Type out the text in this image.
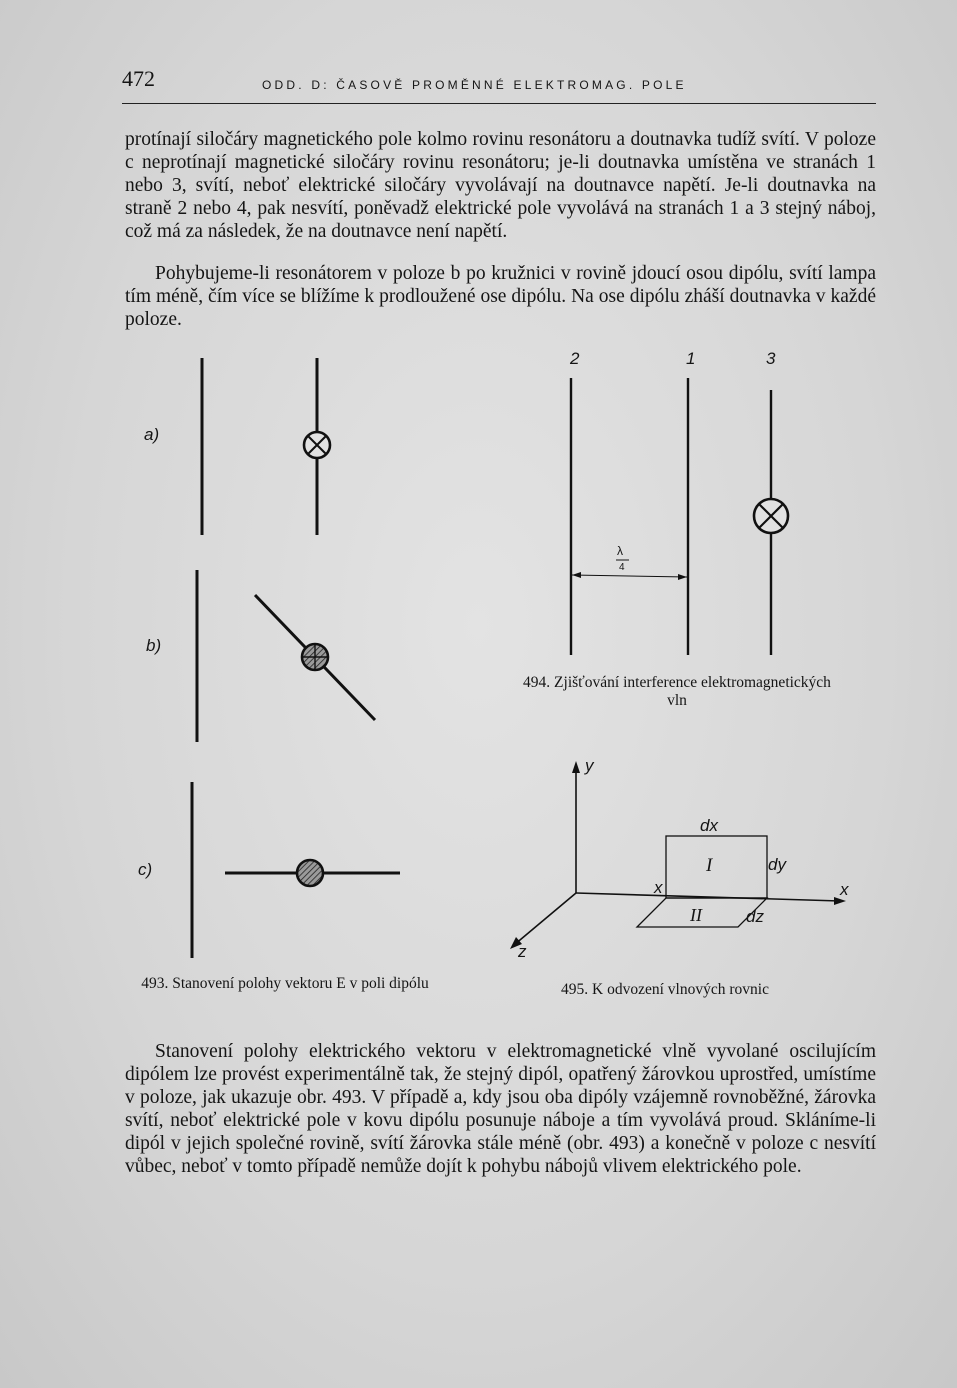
472	ODD. D: ČASOVĚ PROMĚNNÉ ELEKTROMAG. POLE

protínají siločáry magnetického pole kolmo rovinu resonátoru a doutnavka tudíž svítí. V poloze c neprotínají magnetické siločáry rovinu resonátoru; je-li doutnavka umístěna ve stranách 1 nebo 3, svítí, neboť elektrické siločáry vyvolávají na doutnavce napětí. Je-li doutnavka na straně 2 nebo 4, pak nesvítí, poněvadž elektrické pole vyvolává na stranách 1 a 3 stejný náboj, což má za následek, že na doutnavce není napětí.

Pohybujeme-li resonátorem v poloze b po kružnici v rovině jdoucí osou dipólu, svítí lampa tím méně, čím více se blížíme k prodloužené ose dipólu. Na ose dipólu zháší doutnavka v každé poloze.

a)
b)
c)
493. Stanovení polohy vektoru E v poli dipólu
2	1	3
λ
4
494. Zjišťování interference elektromagnetických vln
y
x
z
dx
dy
dz
x
I
II
495. K odvození vlnových rovnic

Stanovení polohy elektrického vektoru v elektromagnetické vlně vyvolané oscilujícím dipólem lze provést experimentálně tak, že stejný dipól, opatřený žárovkou uprostřed, umístíme v poloze, jak ukazuje obr. 493. V případě a, kdy jsou oba dipóly vzájemně rovnoběžné, žárovka svítí, neboť elektrické pole v kovu dipólu posunuje náboje a tím vyvolává proud. Skláníme-li dipól v jejich společné rovině, svítí žárovka stále méně (obr. 493) a konečně v poloze c nesvítí vůbec, neboť v tomto případě nemůže dojít k pohybu nábojů vlivem elektrického pole.
